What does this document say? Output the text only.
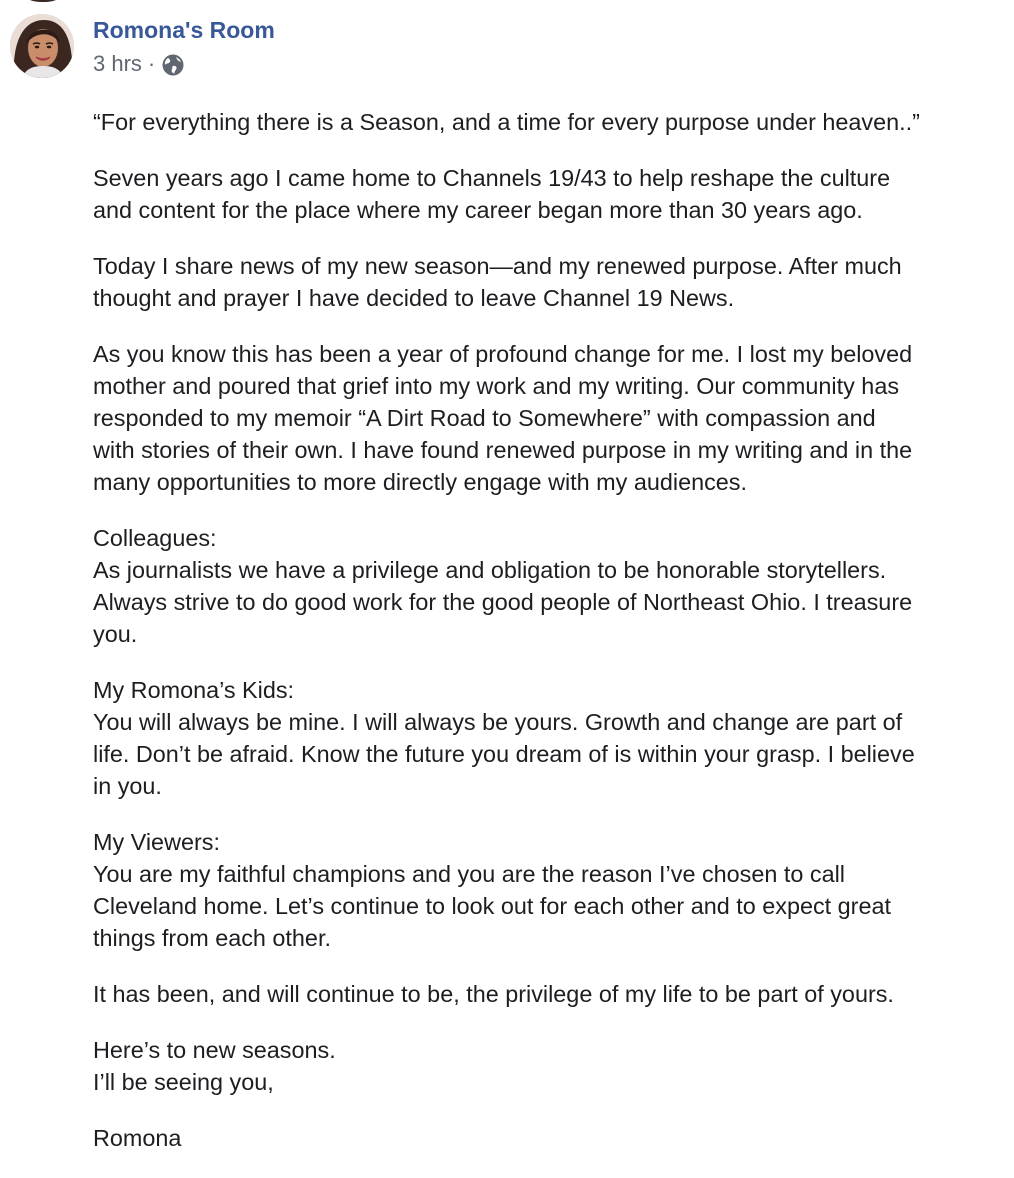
Romona's Room
3 hrs ·

“For everything there is a Season, and a time for every purpose under heaven..”

Seven years ago I came home to Channels 19/43 to help reshape the culture
and content for the place where my career began more than 30 years ago.

Today I share news of my new season—and my renewed purpose. After much
thought and prayer I have decided to leave Channel 19 News.

As you know this has been a year of profound change for me. I lost my beloved
mother and poured that grief into my work and my writing. Our community has
responded to my memoir “A Dirt Road to Somewhere” with compassion and
with stories of their own. I have found renewed purpose in my writing and in the
many opportunities to more directly engage with my audiences.

Colleagues:
As journalists we have a privilege and obligation to be honorable storytellers.
Always strive to do good work for the good people of Northeast Ohio. I treasure
you.

My Romona’s Kids:
You will always be mine. I will always be yours. Growth and change are part of
life. Don’t be afraid. Know the future you dream of is within your grasp. I believe
in you.

My Viewers:
You are my faithful champions and you are the reason I’ve chosen to call
Cleveland home. Let’s continue to look out for each other and to expect great
things from each other.

It has been, and will continue to be, the privilege of my life to be part of yours.

Here’s to new seasons.
I’ll be seeing you,

Romona
